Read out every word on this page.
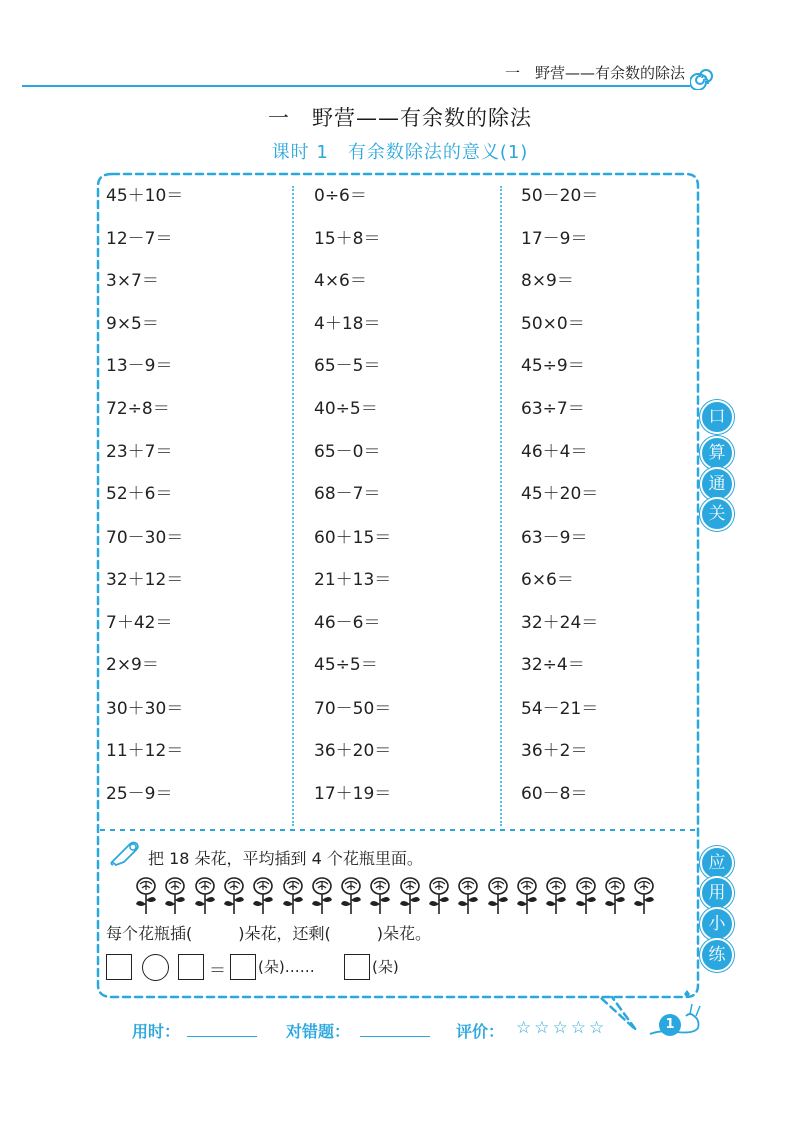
一　野营——有余数的除法
一　野营——有余数的除法
课时 1　有余数除法的意义(1)
45＋10＝
12－7＝
3×7＝
9×5＝
13－9＝
72÷8＝
23＋7＝
52＋6＝
70－30＝
32＋12＝
7＋42＝
2×9＝
30＋30＝
11＋12＝
25－9＝
0÷6＝
15＋8＝
4×6＝
4＋18＝
65－5＝
40÷5＝
65－0＝
68－7＝
60＋15＝
21＋13＝
46－6＝
45÷5＝
70－50＝
36＋20＝
17＋19＝
50－20＝
17－9＝
8×9＝
50×0＝
45÷9＝
63÷7＝
46＋4＝
45＋20＝
63－9＝
6×6＝
32＋24＝
32÷4＝
54－21＝
36＋2＝
60－8＝
口
算
通
关
应
用
小
练
把 18 朵花，平均插到 4 个花瓶里面。
每个花瓶插(	)朵花，还剩(	)朵花。
＝ (朵)……	(朵)
用时：	对错题：	评价： ☆☆☆☆☆	1
